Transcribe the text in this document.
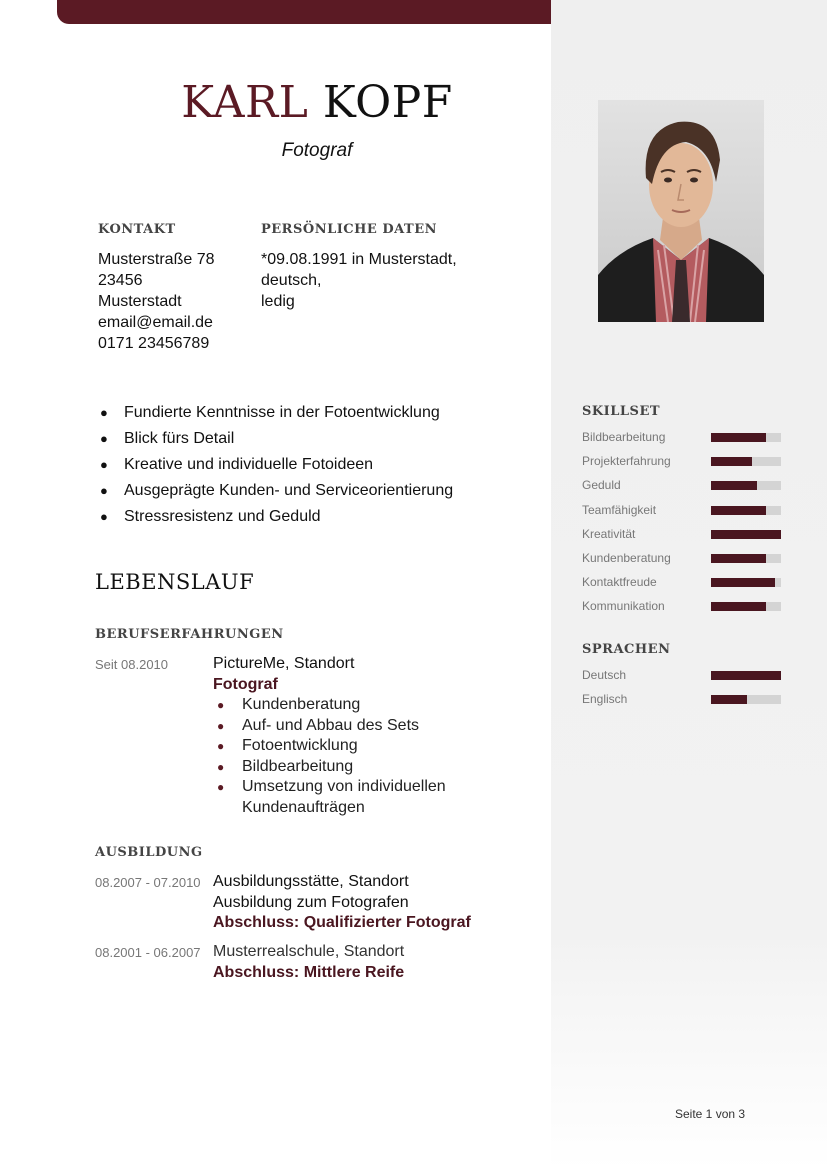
KARL KOPF
Fotograf
KONTAKT
Musterstraße 78
23456
Musterstadt
email@email.de
0171 23456789
PERSÖNLICHE DATEN
*09.08.1991 in Musterstadt,
deutsch,
ledig
● Fundierte Kenntnisse in der Fotoentwicklung
● Blick fürs Detail
● Kreative und individuelle Fotoideen
● Ausgeprägte Kunden- und Serviceorientierung
● Stressresistenz und Geduld
LEBENSLAUF
BERUFSERFAHRUNGEN
Seit 08.2010	PictureMe, Standort
Fotograf
● Kundenberatung
● Auf- und Abbau des Sets
● Fotoentwicklung
● Bildbearbeitung
● Umsetzung von individuellen
Kundenaufträgen
AUSBILDUNG
08.2007 - 07.2010 Ausbildungsstätte, Standort
Ausbildung zum Fotografen
Abschluss: Qualifizierter Fotograf
08.2001 - 06.2007 Musterrealschule, Standort
Abschluss: Mittlere Reife
SKILLSET
Bildbearbeitung
Projekterfahrung
Geduld
Teamfähigkeit
Kreativität
Kundenberatung
Kontaktfreude
Kommunikation
SPRACHEN
Deutsch
Englisch
Seite 1 von 3
